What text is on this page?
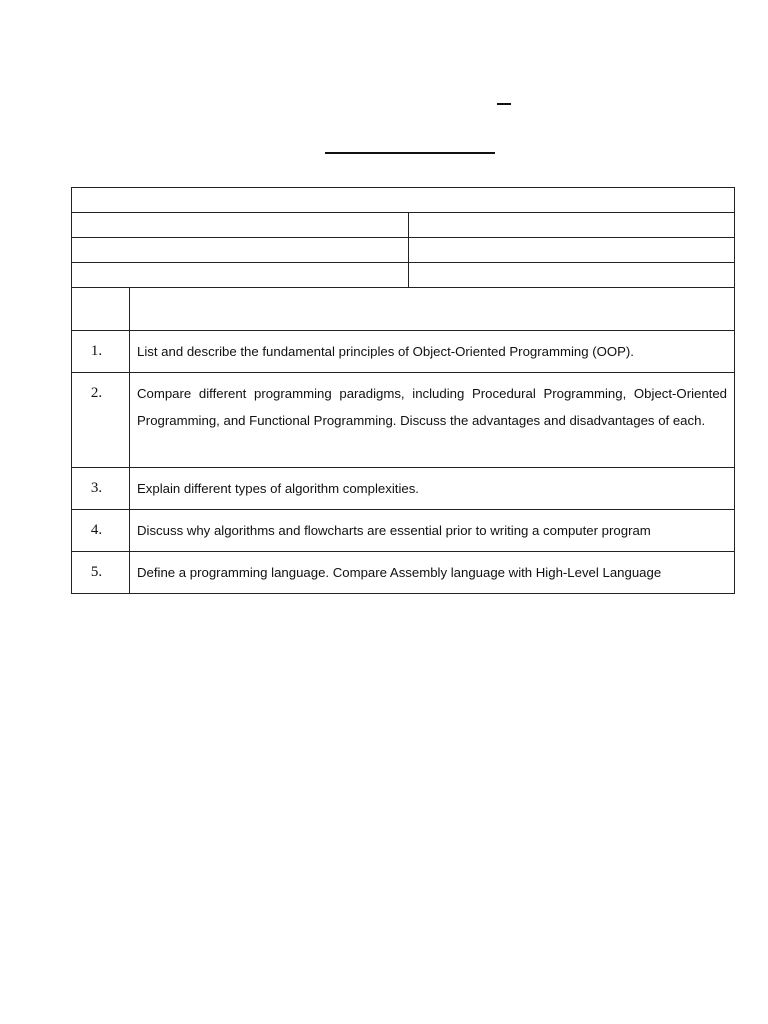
1.	List and describe the fundamental principles of Object-Oriented Programming (OOP).	
2.	Compare different programming paradigms, including Procedural Programming, Object-Oriented Programming, and Functional Programming. Discuss the advantages and disadvantages of each.	
3.	Explain different types of algorithm complexities.	
4.	Discuss why algorithms and flowcharts are essential prior to writing a computer program	
5.	Define a programming language. Compare Assembly language with High-Level Language	
